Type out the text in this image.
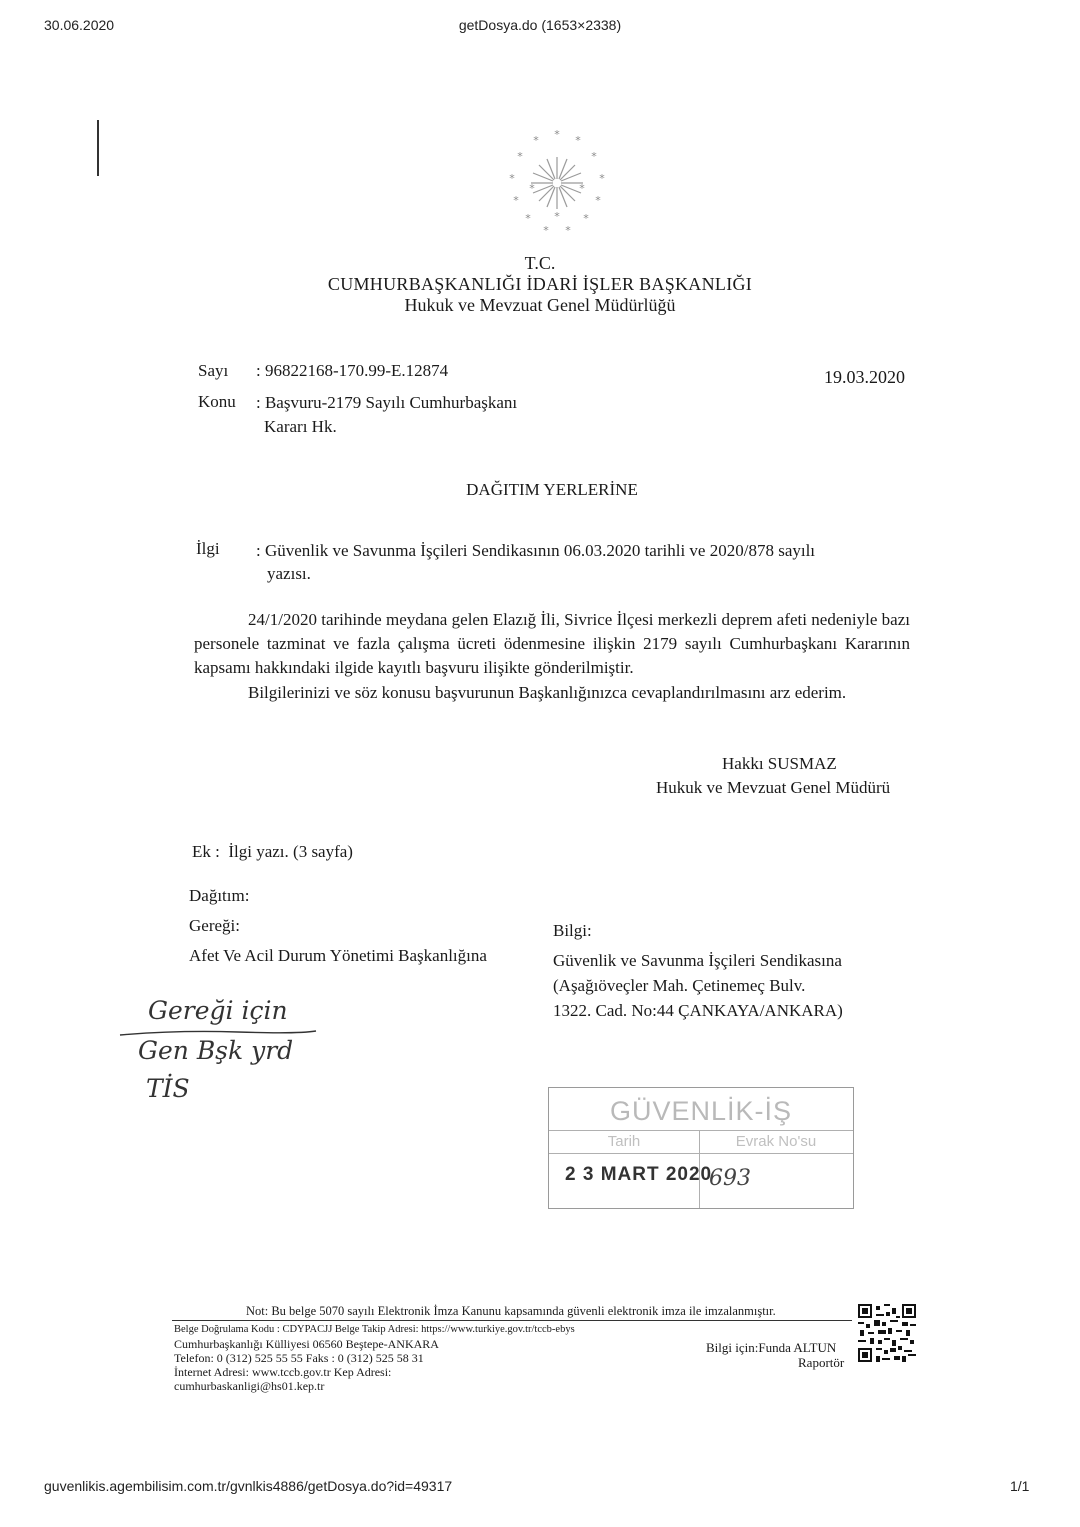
30.06.2020	getDosya.do (1653×2338)
guvenlikis.agembilisim.com.tr/gvnlkis4886/getDosya.do?id=49317	1/1
* *
*
*
*
*
*
*
*
*
*
*
*
*	*
*
T.C.
CUMHURBAŞKANLIĞI İDARİ İŞLER BAŞKANLIĞI
Hukuk ve Mevzuat Genel Müdürlüğü
Sayı : 96822168-170.99-E.12874	19.03.2020
Konu : Başvuru-2179 Sayılı Cumhurbaşkanı
Kararı Hk.
DAĞITIM YERLERİNE
İlgi : Güvenlik ve Savunma İşçileri Sendikasının 06.03.2020 tarihli ve 2020/878 sayılı
yazısı.
24/1/2020 tarihinde meydana gelen Elazığ İli, Sivrice İlçesi merkezli deprem afeti nedeniyle bazı personele tazminat ve fazla çalışma ücreti ödenmesine ilişkin 2179 sayılı Cumhurbaşkanı Kararının kapsamı hakkındaki ilgide kayıtlı başvuru ilişikte gönderilmiştir.
Bilgilerinizi ve söz konusu başvurunun Başkanlığınızca cevaplandırılmasını arz ederim.
Hakkı SUSMAZ
Hukuk ve Mevzuat Genel Müdürü
Ek :  İlgi yazı. (3 sayfa)
Dağıtım:
Gereği:
Afet Ve Acil Durum Yönetimi Başkanlığına
Bilgi:
Güvenlik ve Savunma İşçileri Sendikasına
(Aşağıöveçler Mah. Çetinemeç Bulv.
1322. Cad. No:44 ÇANKAYA/ANKARA)
Gereği için
Gen Bşk yrd
TİS
GÜVENLİK-İŞ
Tarih	Evrak No'su
2 3 MART 2020
693
Not: Bu belge 5070 sayılı Elektronik İmza Kanunu kapsamında güvenli elektronik imza ile imzalanmıştır.
Belge Doğrulama Kodu : CDYPACJJ Belge Takip Adresi: https://www.turkiye.gov.tr/tccb-ebys
Cumhurbaşkanlığı Külliyesi 06560 Beştepe-ANKARA
Telefon: 0 (312) 525 55 55 Faks : 0 (312) 525 58 31
İnternet Adresi: www.tccb.gov.tr Kep Adresi:
cumhurbaskanligi@hs01.kep.tr
Bilgi için:Funda ALTUN
Raportör
